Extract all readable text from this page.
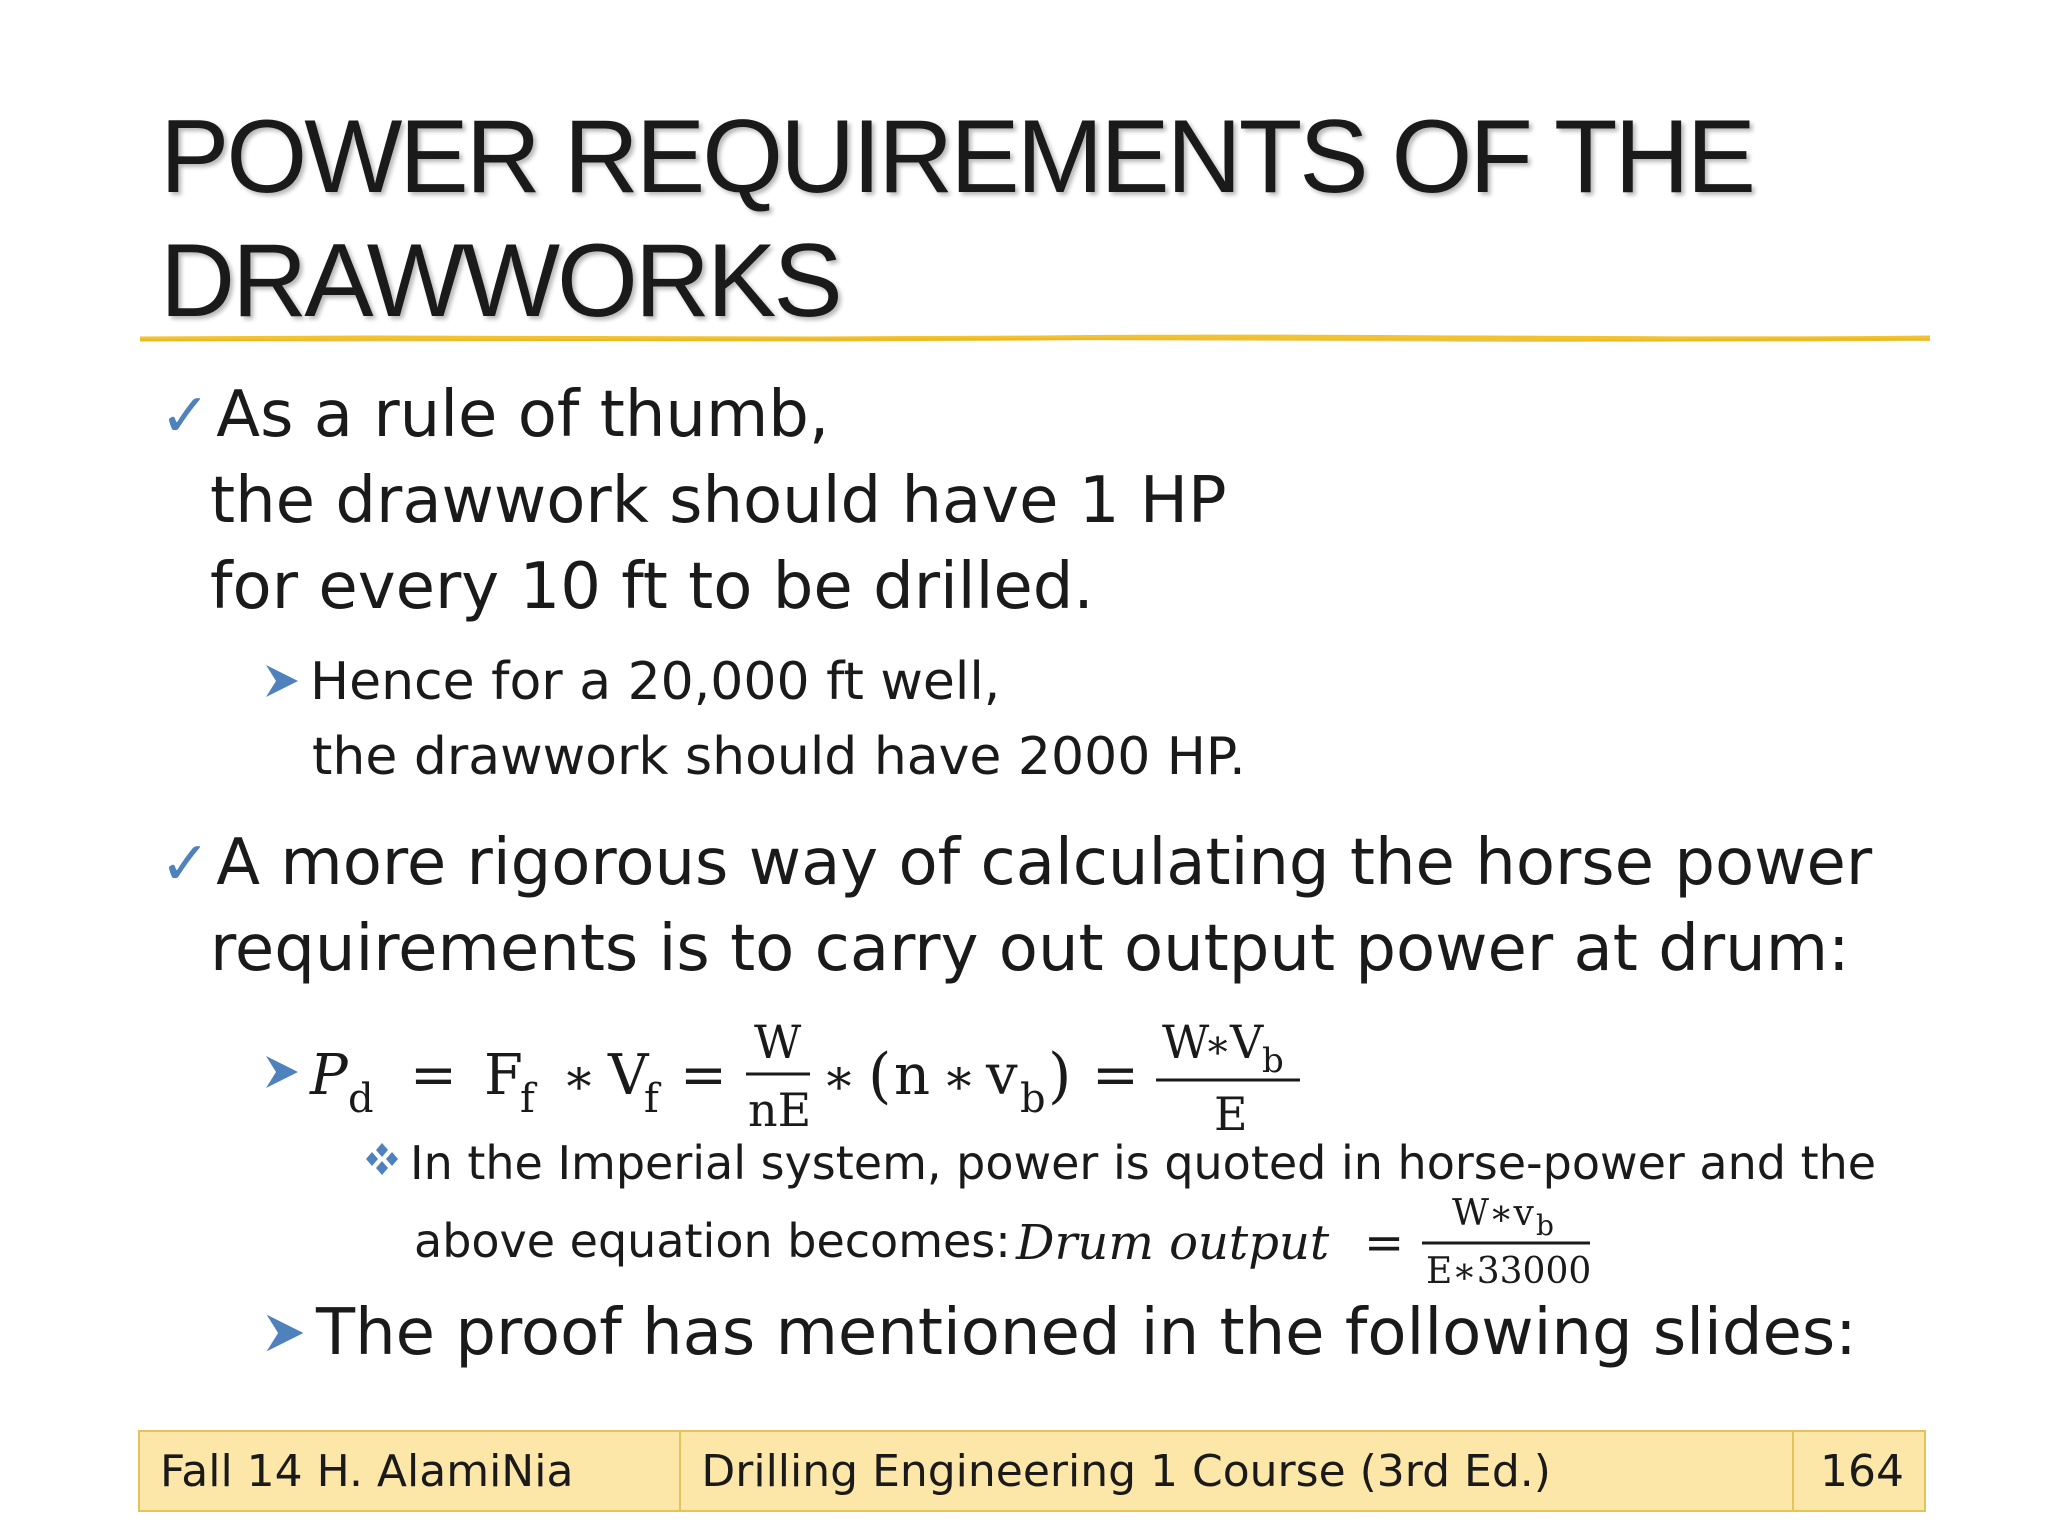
POWER REQUIREMENTS OF THE
DRAWWORKS
✓As a rule of thumb,
the drawwork should have 1 HP
for every 10 ft to be drilled.
Hence for a 20,000 ft well,
the drawwork should have 2000 HP.
✓A more rigorous way of calculating the horse power
requirements is to carry out output power at drum:
P d = F
f ∗ V
f =
W
nE
∗ ( n ∗ v b ) =
W
∗
V
b
E
In the Imperial system, power is quoted in horse-power and the
above equation becomes: Drum output =
W∗v b
E∗33000
The proof has mentioned in the following slides:
Fall 14 H. AlamiNia	Drilling Engineering 1 Course (3rd Ed.)	164
